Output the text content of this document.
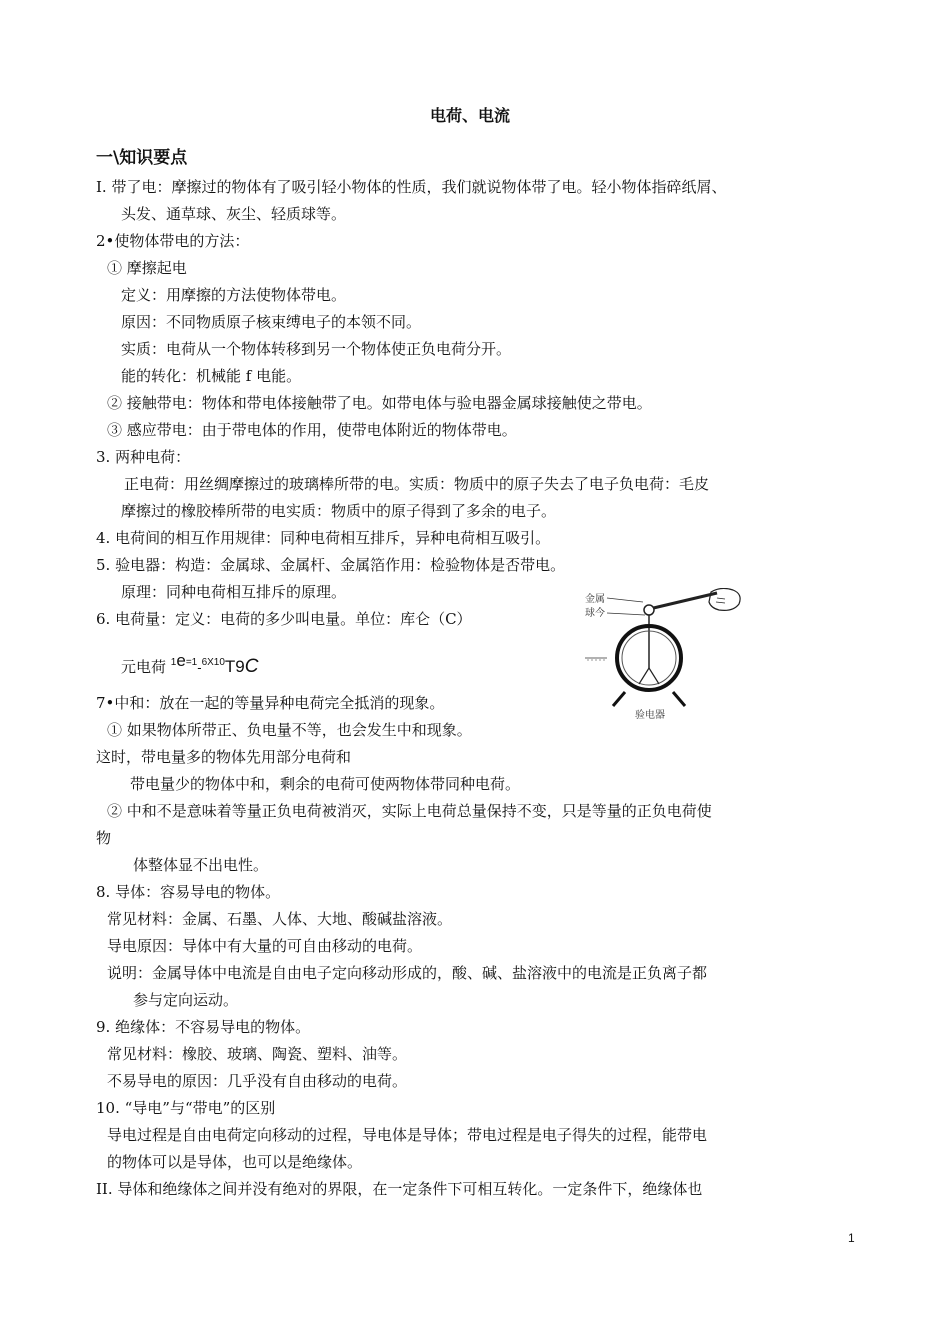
电荷、电流
一\知识要点
I. 带了电：摩擦过的物体有了吸引轻小物体的性质，我们就说物体带了电。轻小物体指碎纸屑、
头发、通草球、灰尘、轻质球等。
2•使物体带电的方法：
① 摩擦起电
定义：用摩擦的方法使物体带电。
原因：不同物质原子核束缚电子的本领不同。
实质：电荷从一个物体转移到另一个物体使正负电荷分开。
能的转化：机械能 f 电能。
② 接触带电：物体和带电体接触带了电。如带电体与验电器金属球接触使之带电。
③ 感应带电：由于带电体的作用，使带电体附近的物体带电。
3. 两种电荷：
正电荷：用丝绸摩擦过的玻璃棒所带的电。实质：物质中的原子失去了电子负电荷：毛皮
摩擦过的橡胶棒所带的电实质：物质中的原子得到了多余的电子。
4. 电荷间的相互作用规律：同种电荷相互排斥，异种电荷相互吸引。
5. 验电器：构造：金属球、金属杆、金属箔作用：检验物体是否带电。
原理：同种电荷相互排斥的原理。
6. 电荷量：定义：电荷的多少叫电量。单位：库仑（C）
元电荷 $^1e^{=1}-^{6X10}T9C$
7•中和：放在一起的等量异种电荷完全抵消的现象。
① 如果物体所带正、负电量不等，也会发生中和现象。
这时，带电量多的物体先用部分电荷和
带电量少的物体中和，剩余的电荷可使两物体带同种电荷。
② 中和不是意味着等量正负电荷被消灭，实际上电荷总量保持不变，只是等量的正负电荷使
物
体整体显不出电性。
8. 导体：容易导电的物体。
常见材料：金属、石墨、人体、大地、酸碱盐溶液。
导电原因：导体中有大量的可自由移动的电荷。
说明：金属导体中电流是自由电子定向移动形成的，酸、碱、盐溶液中的电流是正负离子都
参与定向运动。
9. 绝缘体：不容易导电的物体。
常见材料：橡胶、玻璃、陶瓷、塑料、油等。
不易导电的原因：几乎没有自由移动的电荷。
10. “导电”与“带电”的区别
导电过程是自由电荷定向移动的过程，导电体是导体；带电过程是电子得失的过程，能带电
的物体可以是导体，也可以是绝缘体。
II. 导体和绝缘体之间并没有绝对的界限，在一定条件下可相互转化。一定条件下，绝缘体也
金属
球今
验电器
1
